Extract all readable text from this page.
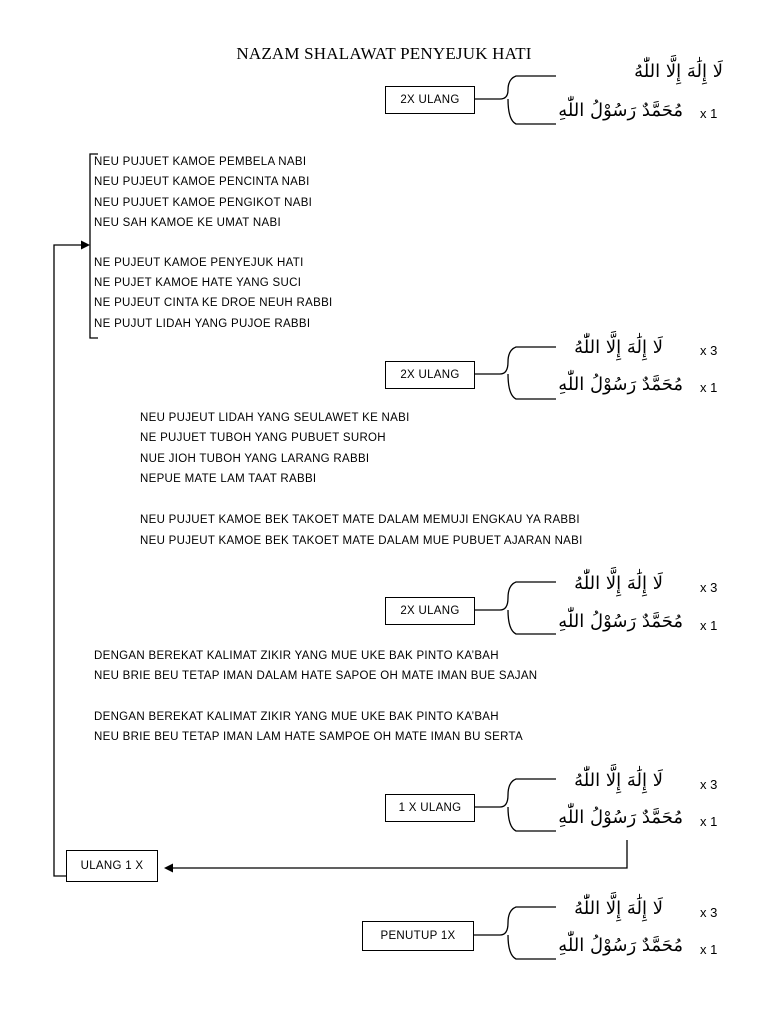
NAZAM SHALAWAT PENYEJUK HATI
2X ULANG
لَا إِلَٰهَ إِلَّا اللّٰهُ
مُحَمَّدٌ رَسُوْلُ اللّٰهِ x 1
NEU PUJUET KAMOE PEMBELA NABI
NEU PUJEUT KAMOE PENCINTA NABI
NEU PUJUET KAMOE PENGIKOT NABI
NEU SAH KAMOE KE UMAT NABI
NE PUJEUT KAMOE PENYEJUK HATI
NE PUJET KAMOE HATE YANG SUCI
NE PUJEUT CINTA KE DROE NEUH RABBI
NE PUJUT LIDAH YANG PUJOE RABBI
2X ULANG
لَا إِلَٰهَ إِلَّا اللّٰهُ	x 3
مُحَمَّدٌ رَسُوْلُ اللّٰهِ x 1
NEU PUJEUT LIDAH YANG SEULAWET KE NABI
NE PUJUET TUBOH YANG PUBUET SUROH
NUE JIOH TUBOH YANG LARANG RABBI
NEPUE MATE LAM TAAT RABBI
NEU PUJUET KAMOE BEK TAKOET MATE DALAM MEMUJI ENGKAU YA RABBI
NEU PUJEUT KAMOE BEK TAKOET MATE DALAM MUE PUBUET AJARAN NABI
2X ULANG
لَا إِلَٰهَ إِلَّا اللّٰهُ	x 3
مُحَمَّدٌ رَسُوْلُ اللّٰهِ x 1
DENGAN BEREKAT KALIMAT ZIKIR YANG MUE UKE BAK PINTO KA’BAH
NEU BRIE BEU TETAP IMAN DALAM HATE SAPOE OH MATE IMAN BUE SAJAN
DENGAN BEREKAT KALIMAT ZIKIR YANG MUE UKE BAK PINTO KA’BAH
NEU BRIE BEU TETAP IMAN LAM HATE SAMPOE OH MATE IMAN BU SERTA
1 X ULANG
لَا إِلَٰهَ إِلَّا اللّٰهُ	x 3
مُحَمَّدٌ رَسُوْلُ اللّٰهِ x 1
ULANG 1 X
PENUTUP 1X
لَا إِلَٰهَ إِلَّا اللّٰهُ	x 3
مُحَمَّدٌ رَسُوْلُ اللّٰهِ x 1
